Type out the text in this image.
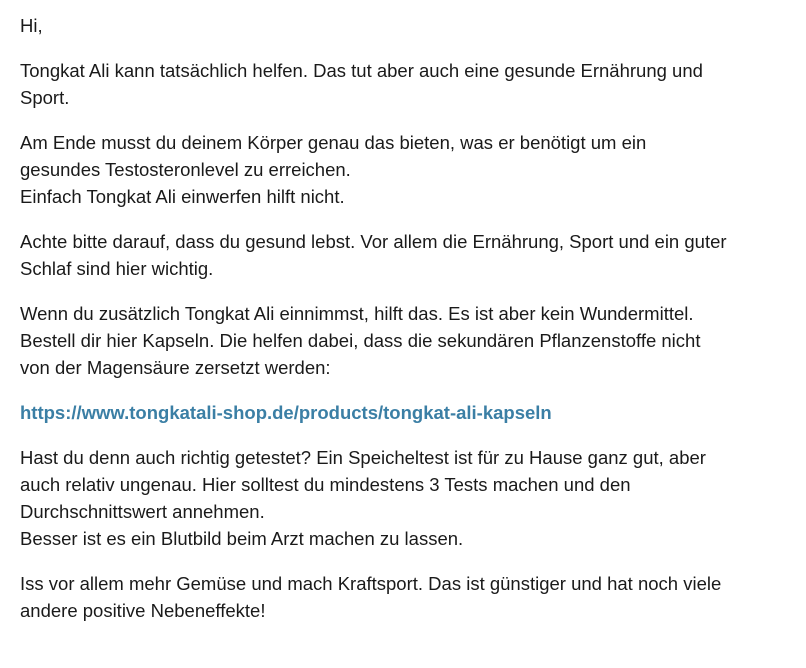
Hi,

Tongkat Ali kann tatsächlich helfen. Das tut aber auch eine gesunde Ernährung und
Sport.

Am Ende musst du deinem Körper genau das bieten, was er benötigt um ein
gesundes Testosteronlevel zu erreichen.
Einfach Tongkat Ali einwerfen hilft nicht.

Achte bitte darauf, dass du gesund lebst. Vor allem die Ernährung, Sport und ein guter
Schlaf sind hier wichtig.

Wenn du zusätzlich Tongkat Ali einnimmst, hilft das. Es ist aber kein Wundermittel.
Bestell dir hier Kapseln. Die helfen dabei, dass die sekundären Pflanzenstoffe nicht
von der Magensäure zersetzt werden:

https://www.tongkatali-shop.de/products/tongkat-ali-kapseln

Hast du denn auch richtig getestet? Ein Speicheltest ist für zu Hause ganz gut, aber
auch relativ ungenau. Hier solltest du mindestens 3 Tests machen und den
Durchschnittswert annehmen.
Besser ist es ein Blutbild beim Arzt machen zu lassen.

Iss vor allem mehr Gemüse und mach Kraftsport. Das ist günstiger und hat noch viele
andere positive Nebeneffekte!
